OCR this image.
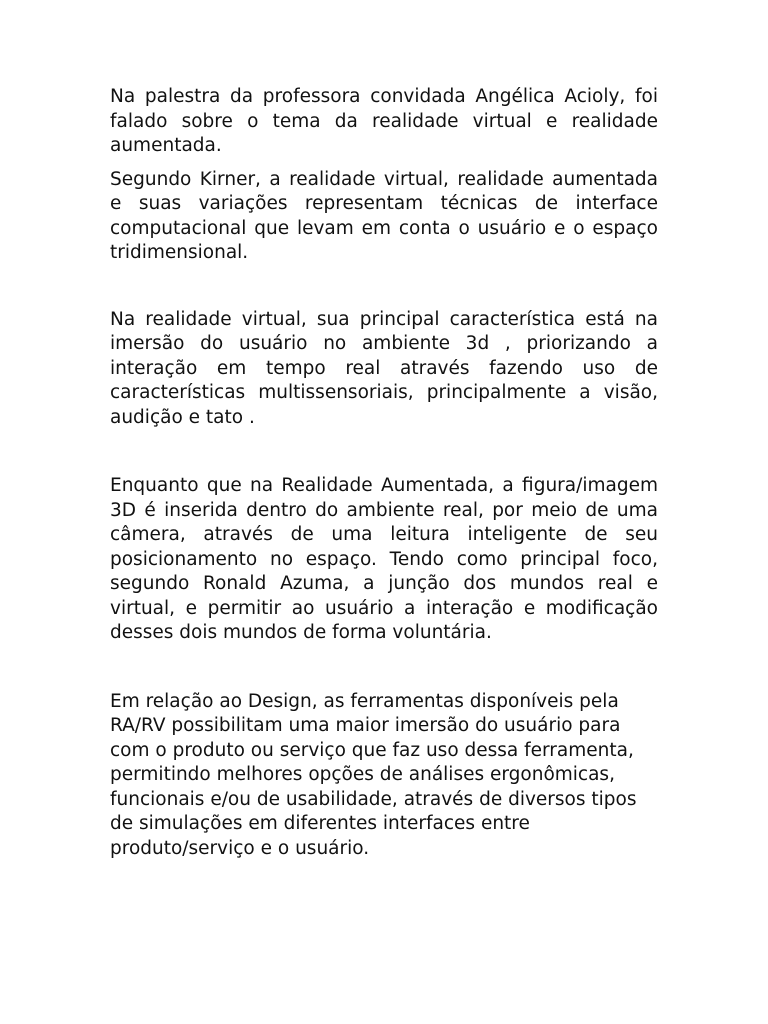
Na palestra da professora convidada Angélica Acioly, foi falado sobre o tema da realidade virtual e realidade aumentada.

Segundo Kirner, a realidade virtual, realidade aumentada e suas variações representam técnicas de interface computacional que levam em conta o usuário e o espaço tridimensional.

Na realidade virtual, sua principal característica está na imersão do usuário no ambiente 3d , priorizando a interação em tempo real através fazendo uso de características multissensoriais, principalmente a visão, audição e tato .

Enquanto que na Realidade Aumentada, a figura/imagem 3D é inserida dentro do ambiente real, por meio de uma câmera, através de uma leitura inteligente de seu posicionamento no espaço. Tendo como principal foco, segundo Ronald Azuma, a junção dos mundos real e virtual, e permitir ao usuário a interação e modificação desses dois mundos de forma voluntária.

Em relação ao Design, as ferramentas disponíveis pela RA/RV possibilitam uma maior imersão do usuário para com o produto ou serviço que faz uso dessa ferramenta, permitindo melhores opções de análises ergonômicas, funcionais e/ou de usabilidade, através de diversos tipos de simulações em diferentes interfaces entre produto/serviço e o usuário.
